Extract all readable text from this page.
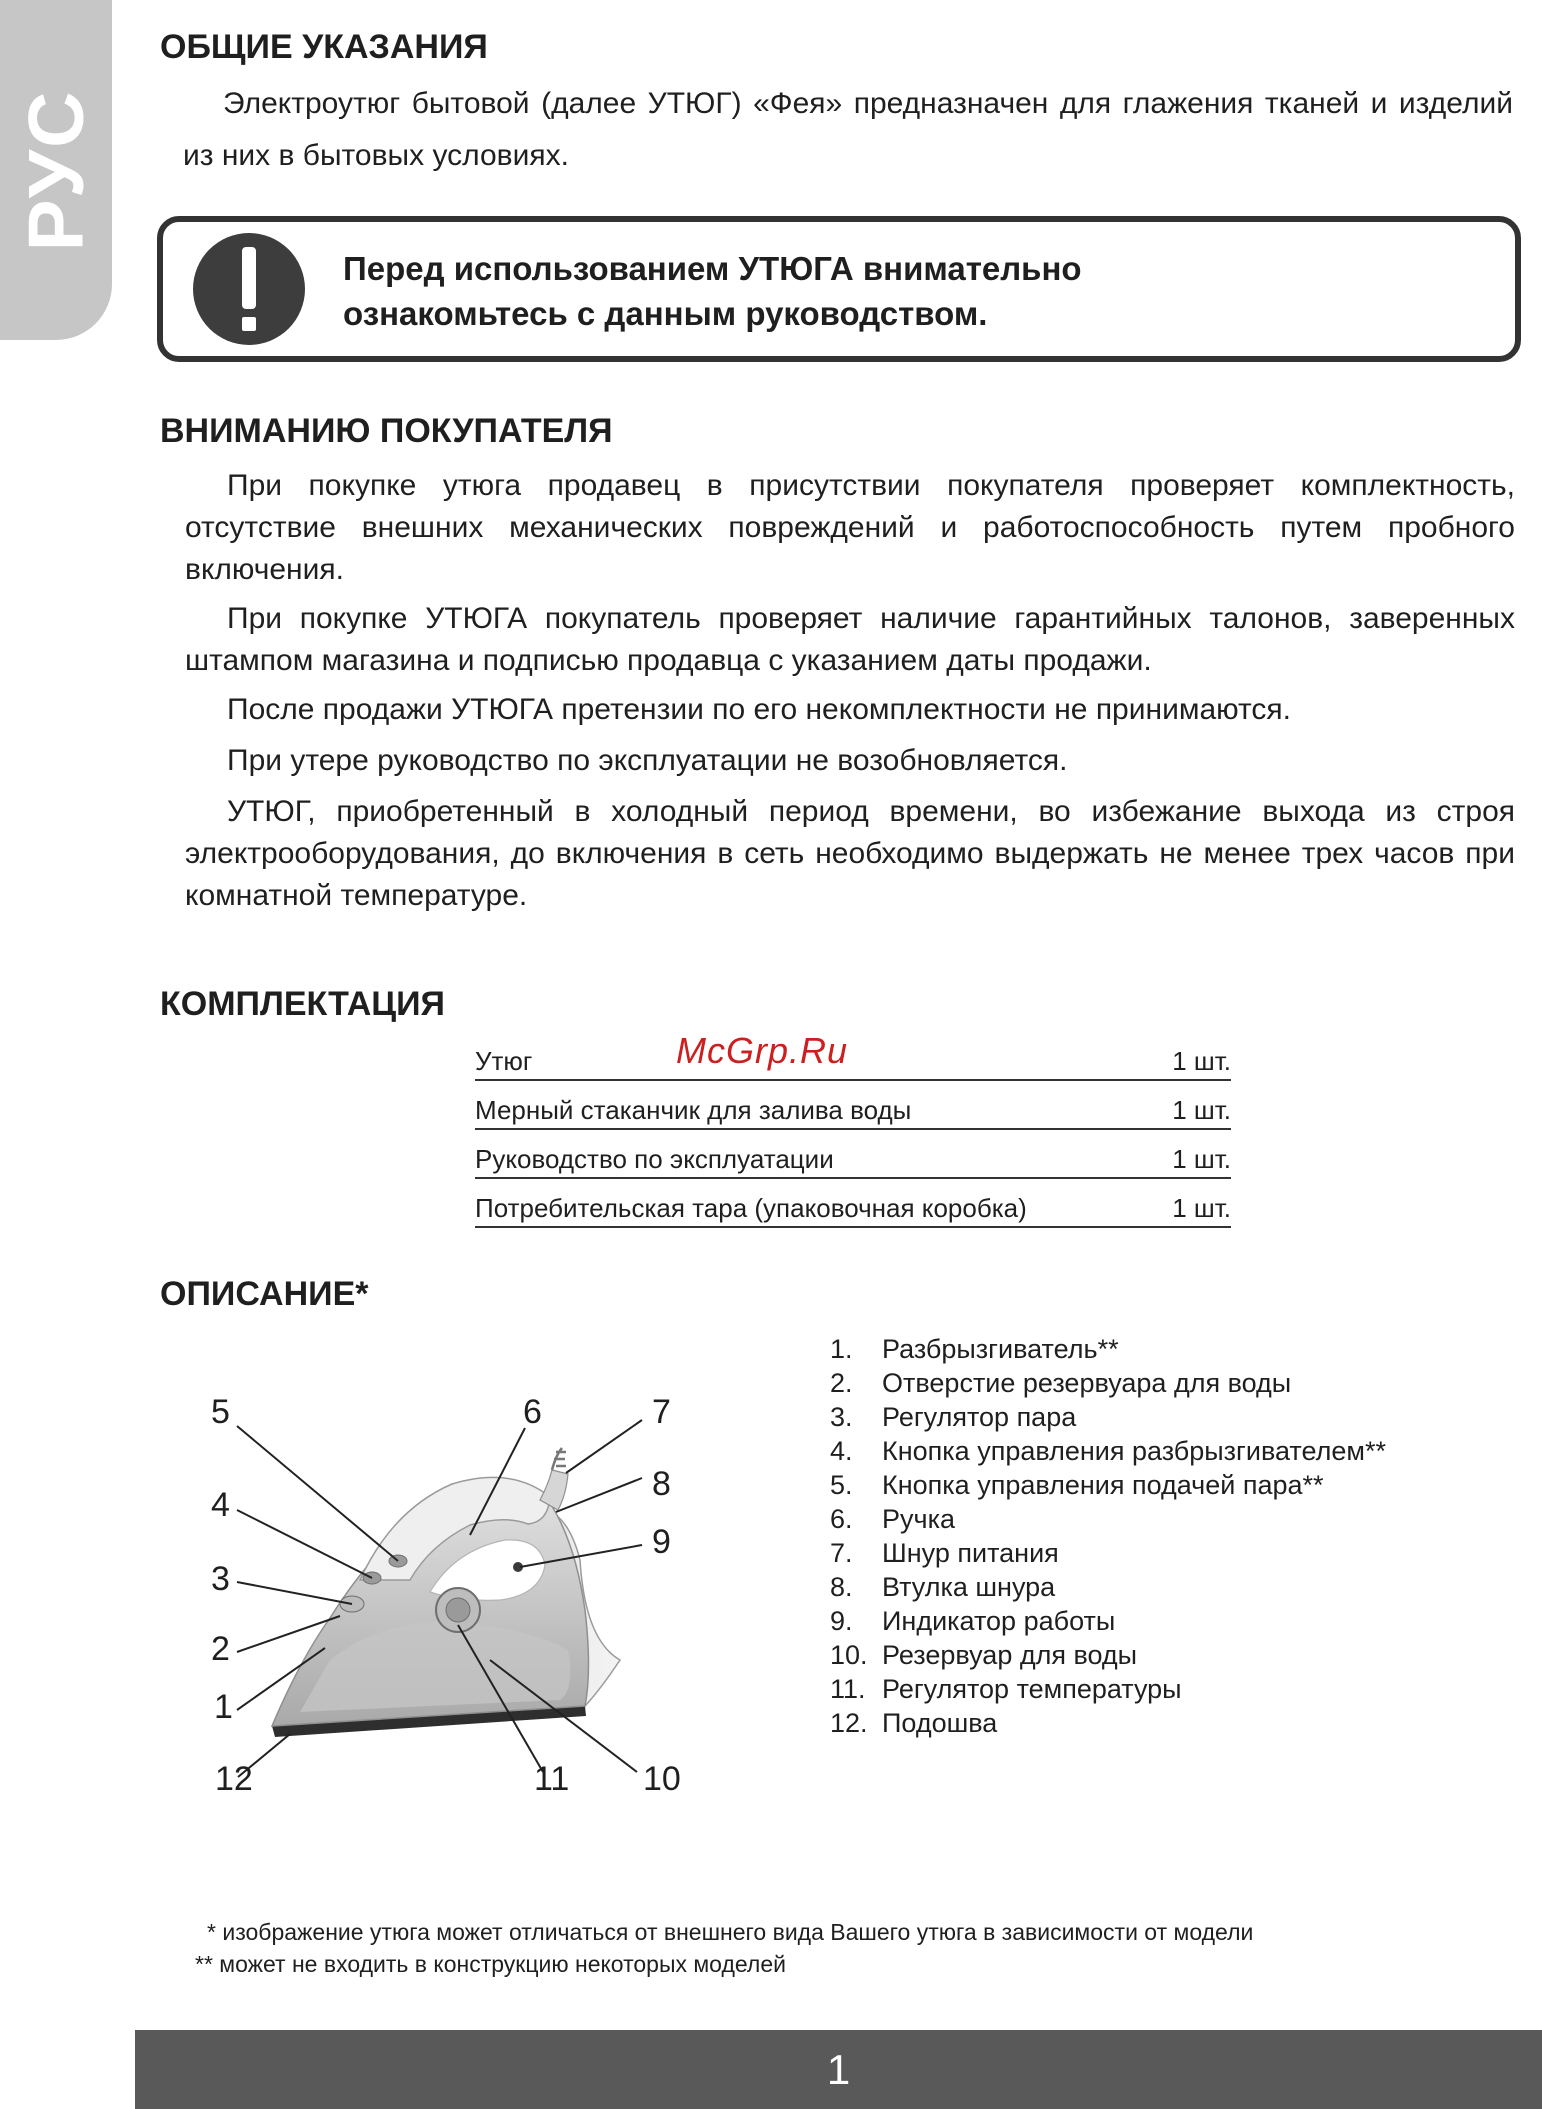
РУС
ОБЩИЕ УКАЗАНИЯ

Электроутюг бытовой (далее УТЮГ) «Фея» предназначен для глажения тканей и изделий из них в бытовых условиях.

Перед использованием УТЮГА внимательно
ознакомьтесь с данным руководством.
ВНИМАНИЮ ПОКУПАТЕЛЯ

При покупке утюга продавец в присутствии покупателя проверяет комплектность, отсутствие внешних механических повреждений и работоспособность путем пробного включения.

При покупке УТЮГА покупатель проверяет наличие гарантийных талонов, заверенных штампом магазина и подписью продавца с указанием даты продажи.

После продажи УТЮГА претензии по его некомплектности не принимаются.

При утере руководство по эксплуатации не возобновляется.

УТЮГ, приобретенный в холодный период времени, во избежание выхода из строя электрооборудования, до включения в сеть необходимо выдержать не менее трех часов при комнатной температуре.

КОМПЛЕКТАЦИЯ
Утюг	1 шт.
Мерный стаканчик для залива воды	1 шт.
Руководство по эксплуатации	1 шт.
Потребительская тара (упаковочная коробка)	1 шт.
McGrp.Ru
ОПИСАНИЕ*
5	6	7
8
9
4
3
2
1
12	11 10
1. Разбрызгиватель**
2. Отверстие резервуара для воды
3. Регулятор пара
4. Кнопка управления разбрызгивателем**
5. Кнопка управления подачей пара**
6. Ручка
7. Шнур питания
8. Втулка шнура
9. Индикатор работы
10. Резервуар для воды
11. Регулятор температуры
12. Подошва
* изображение утюга может отличаться от внешнего вида Вашего утюга в зависимости от модели
** может не входить в конструкцию некоторых моделей
1
